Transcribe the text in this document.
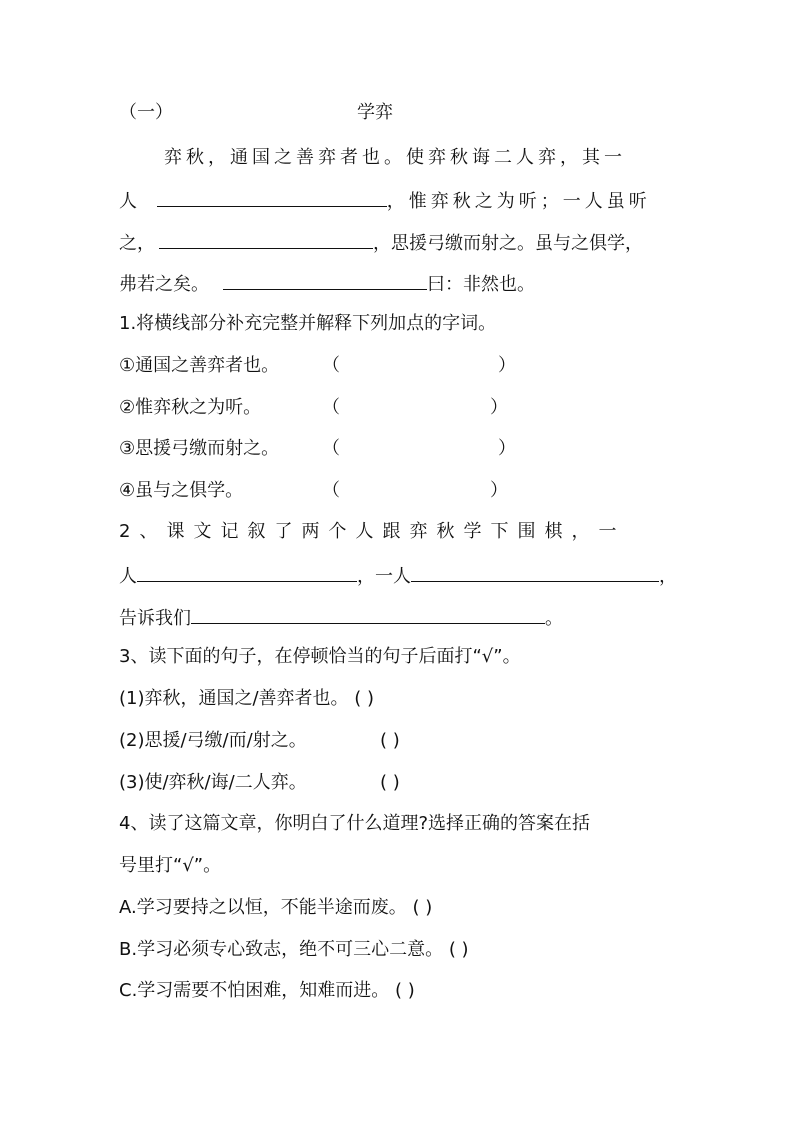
（一）	学弈
弈秋，通国之善弈者也。使弈秋诲二人弈，其一
人	，惟弈秋之为听；一人虽听
之，	，思援弓缴而射之。虽与之俱学，
弗若之矣。	曰：非然也。
1.将横线部分补充完整并解释下列加点的字词。
①通国之善弈者也。 （	）
②惟弈秋之为听。	（	）
③思援弓缴而射之。 （	）
④虽与之俱学。	（	）
2、课文记叙了两个人跟弈秋学下围棋，一
人	，一人	，
告诉我们	。
3、读下面的句子，在停顿恰当的句子后面打“√”。
(1)弈秋，通国之/善弈者也。 ( )
(2)思援/弓缴/而/射之。	( )
(3)使/弈秋/诲/二人弈。	( )
4、读了这篇文章，你明白了什么道理?选择正确的答案在括
号里打“√”。
A.学习要持之以恒，不能半途而废。 ( )
B.学习必须专心致志，绝不可三心二意。 ( )
C.学习需要不怕困难，知难而进。 ( )
